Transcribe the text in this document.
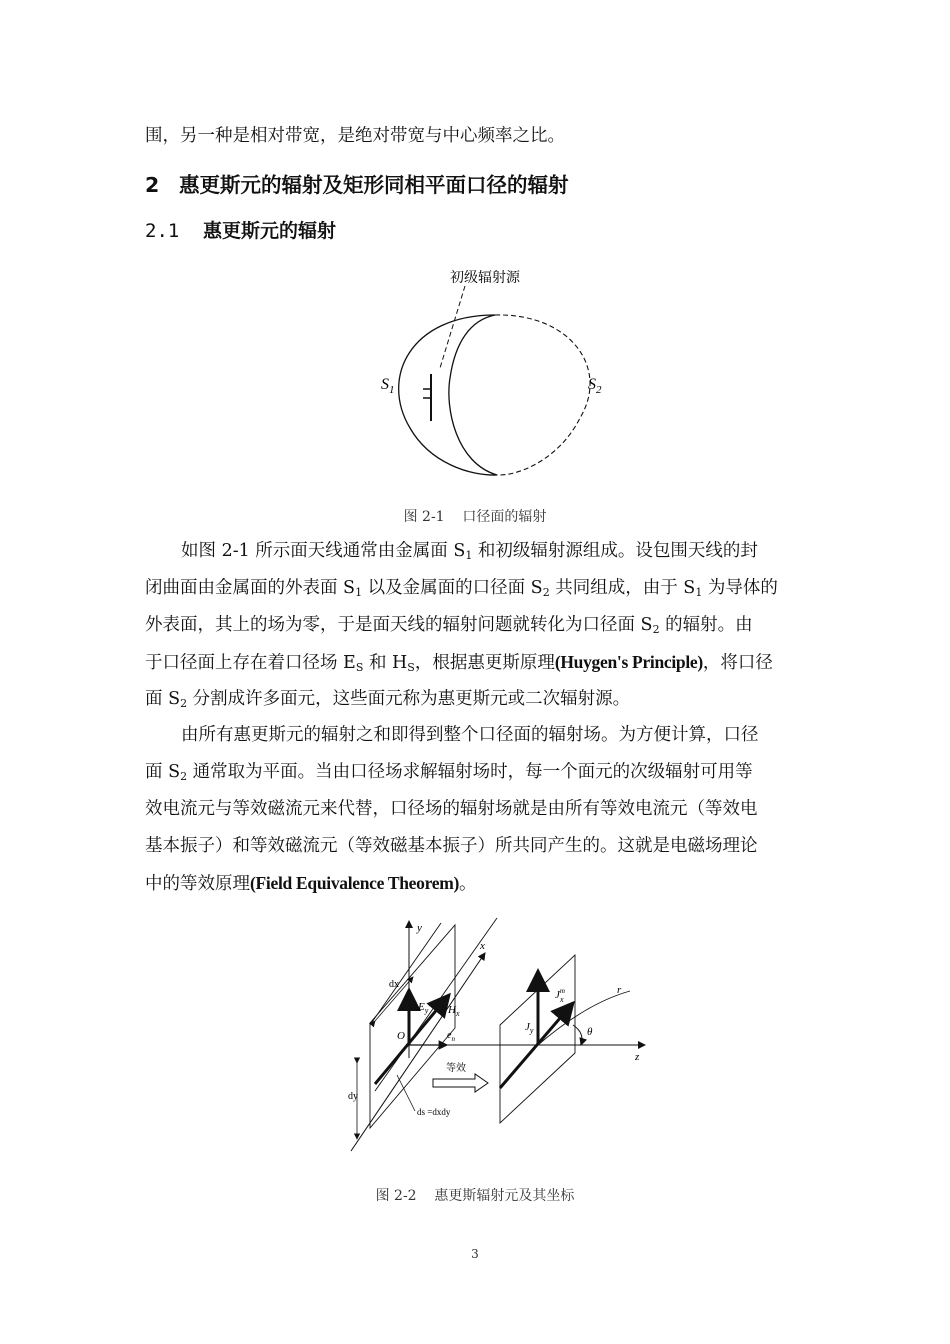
围，另一种是相对带宽，是绝对带宽与中心频率之比。

2 惠更斯元的辐射及矩形同相平面口径的辐射
2.1 惠更斯元的辐射
初级辐射源
$S_1$	$S_2$
图 2-1    口径面的辐射

如图 2-1 所示面天线通常由金属面 $S_1$ 和初级辐射源组成。设包围天线的封
闭曲面由金属面的外表面 $S_1$ 以及金属面的口径面 $S_2$ 共同组成，由于 $S_1$ 为导体的
外表面，其上的场为零，于是面天线的辐射问题就转化为口径面 $S_2$ 的辐射。由
于口径面上存在着口径场 $E_S$ 和 $H_S$，根据惠更斯原理(Huygen's Principle)，将口径
面 $S_2$ 分割成许多面元，这些面元称为惠更斯元或二次辐射源。

由所有惠更斯元的辐射之和即得到整个口径面的辐射场。为方便计算，口径
面 $S_2$ 通常取为平面。当由口径场求解辐射场时，每一个面元的次级辐射可用等
效电流元与等效磁流元来代替，口径场的辐射场就是由所有等效电流元（等效电
基本振子）和等效磁流元（等效磁基本振子）所共同产生的。这就是电磁场理论
中的等效原理(Field Equivalence Theorem)。

y
x
z
r
θ
dx
dy
O
$E_y$ $H_x$
$e_n$
$J^m$ x
$J_y$
等效
ds =dxdy
图 2-2    惠更斯辐射元及其坐标
3
